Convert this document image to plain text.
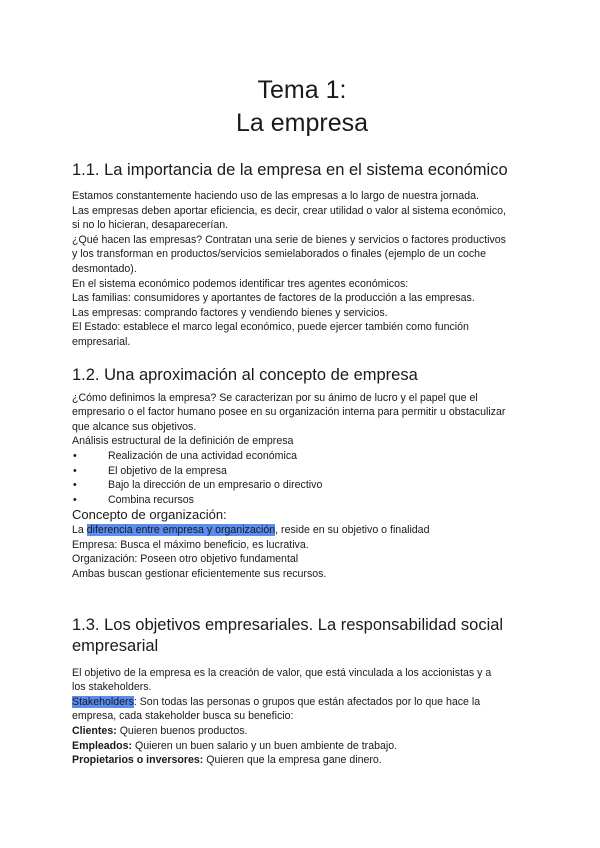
Tema 1:
La empresa
1.1. La importancia de la empresa en el sistema económico

Estamos constantemente haciendo uso de las empresas a lo largo de nuestra jornada.

Las empresas deben aportar eficiencia, es decir, crear utilidad o valor al sistema económico,

si no lo hicieran, desaparecerían.

¿Qué hacen las empresas? Contratan una serie de bienes y servicios o factores productivos

y los transforman en productos/servicios semielaborados o finales (ejemplo de un coche

desmontado).

En el sistema económico podemos identificar tres agentes económicos:

Las familias: consumidores y aportantes de factores de la producción a las empresas.

Las empresas: comprando factores y vendiendo bienes y servicios.

El Estado: establece el marco legal económico, puede ejercer también como función

empresarial.

1.2. Una aproximación al concepto de empresa

¿Cómo definimos la empresa? Se caracterizan por su ánimo de lucro y el papel que el

empresario o el factor humano posee en su organización interna para permitir u obstaculizar

que alcance sus objetivos.

Análisis estructural de la definición de empresa

•	Realización de una actividad económica
•	El objetivo de la empresa
•	Bajo la dirección de un empresario o directivo
•	Combina recursos

Concepto de organización:

La diferencia entre empresa y organización, reside en su objetivo o finalidad

Empresa: Busca el máximo beneficio, es lucrativa.

Organización: Poseen otro objetivo fundamental

Ambas buscan gestionar eficientemente sus recursos.

1.3. Los objetivos empresariales. La responsabilidad social
empresarial

El objetivo de la empresa es la creación de valor, que está vinculada a los accionistas y a

los stakeholders.

Stakeholders: Son todas las personas o grupos que están afectados por lo que hace la

empresa, cada stakeholder busca su beneficio:

Clientes: Quieren buenos productos.

Empleados: Quieren un buen salario y un buen ambiente de trabajo.

Propietarios o inversores: Quieren que la empresa gane dinero.
